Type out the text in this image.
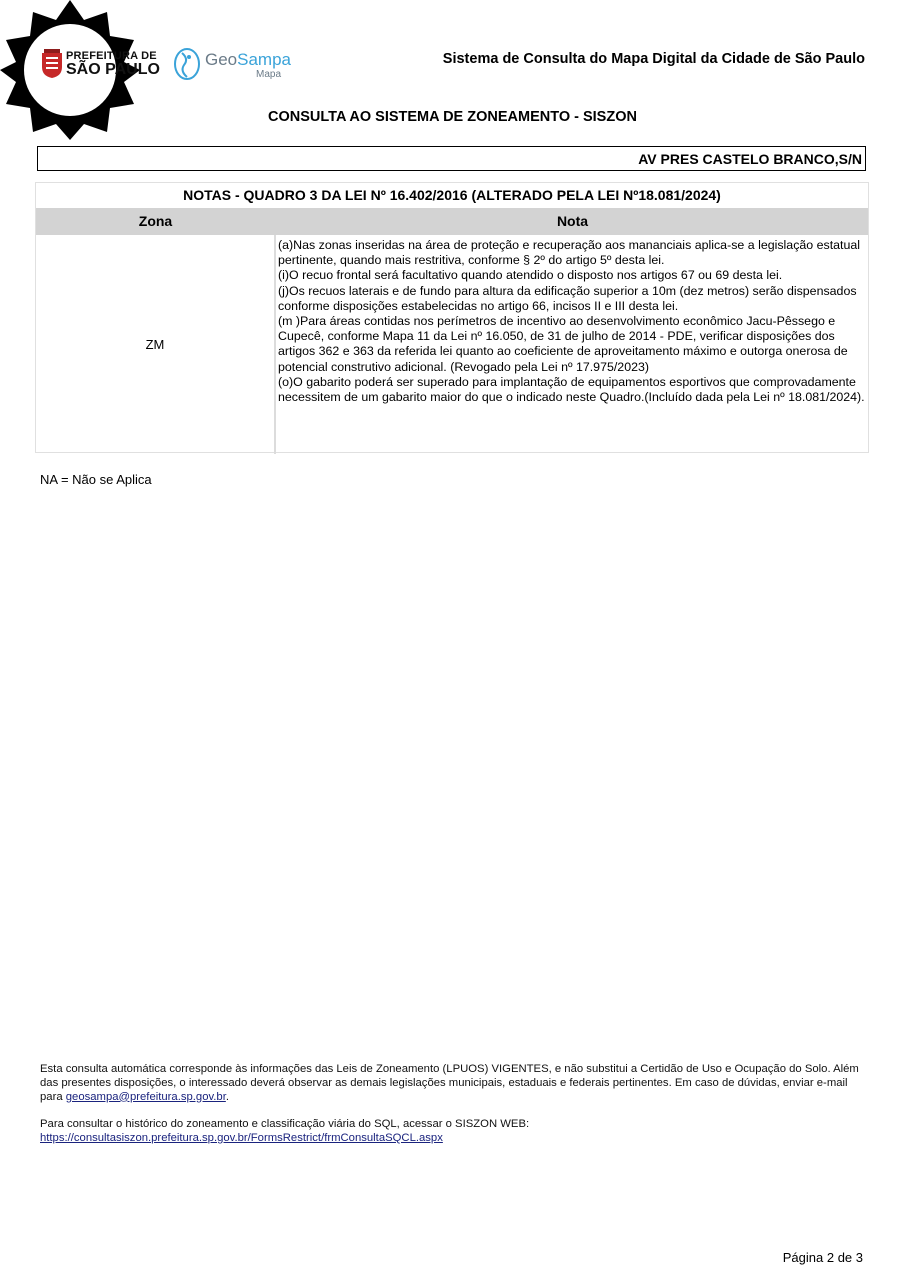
PREFEITURA DE
SÃO PAULO
GeoSampa
Mapa
Sistema de Consulta do Mapa Digital da Cidade de São Paulo
CONSULTA AO SISTEMA DE ZONEAMENTO - SISZON
AV PRES CASTELO BRANCO,S/N
NOTAS - QUADRO 3 DA LEI Nº 16.402/2016 (ALTERADO PELA LEI Nº18.081/2024)
Zona	Nota
ZM

(a)Nas zonas inseridas na área de proteção e recuperação aos mananciais aplica-se a legislação estatual pertinente, quando mais restritiva, conforme § 2º do artigo 5º desta lei.

(i)O recuo frontal será facultativo quando atendido o disposto nos artigos 67 ou 69 desta lei.

(j)Os recuos laterais e de fundo para altura da edificação superior a 10m (dez metros) serão dispensados conforme disposições estabelecidas no artigo 66, incisos II e III desta lei.

(m )Para áreas contidas nos perímetros de incentivo ao desenvolvimento econômico Jacu-Pêssego e Cupecê, conforme Mapa 11 da Lei nº 16.050, de 31 de julho de 2014 - PDE, verificar disposições dos artigos 362 e 363 da referida lei quanto ao coeficiente de aproveitamento máximo e outorga onerosa de potencial construtivo adicional. (Revogado pela Lei nº 17.975/2023)

(o)O gabarito poderá ser superado para implantação de equipamentos esportivos que comprovadamente necessitem de um gabarito maior do que o indicado neste Quadro.(Incluído dada pela Lei nº 18.081/2024).

NA = Não se Aplica
Esta consulta automática corresponde às informações das Leis de Zoneamento (LPUOS) VIGENTES, e não substitui a Certidão de Uso e Ocupação do Solo. Além das presentes disposições, o interessado deverá observar as demais legislações municipais, estaduais e federais pertinentes. Em caso de dúvidas, enviar e-mail para geosampa@prefeitura.sp.gov.br.
Para consultar o histórico do zoneamento e classificação viária do SQL, acessar o SISZON WEB:
https://consultasiszon.prefeitura.sp.gov.br/FormsRestrict/frmConsultaSQCL.aspx
Página 2 de 3
